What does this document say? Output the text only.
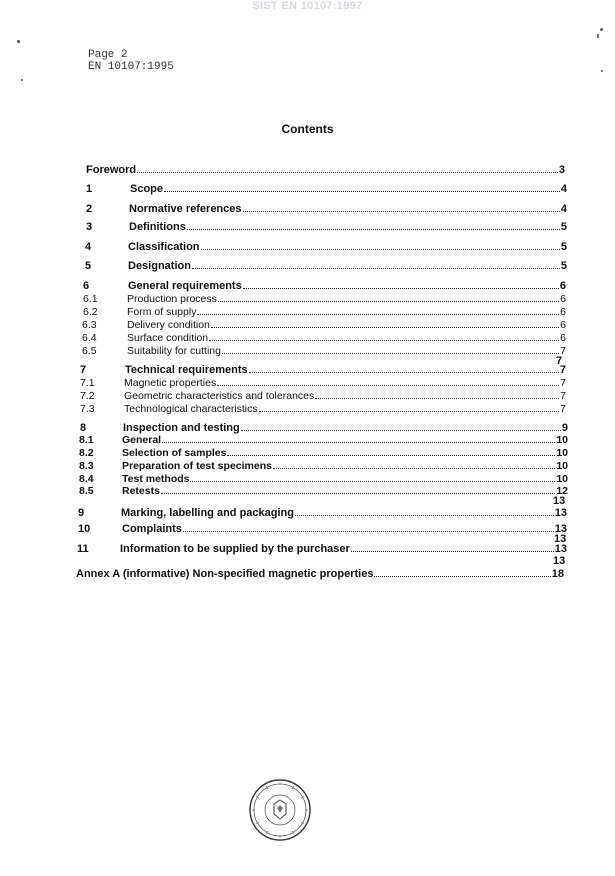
SIST EN 10107:1997
Page 2
EN 10107:1995
Contents
Foreword	3
1	Scope	4
2	Normative references	4
3	Definitions	5
4	Classification	5
5	Designation	5
6	General requirements	6
6.1	Production process	6
6.2	Form of supply	6
6.3	Delivery condition	6
6.4	Surface condition	6
6.5	Suitability for cutting	7
7
7	Technical requirements	7
7.1	Magnetic properties	7
7.2	Geometric characteristics and tolerances	7
7.3	Technological characteristics	7
8	Inspection and testing	9
8.1	General	10
8.2	Selection of samples	10
8.3	Preparation of test specimens	10
8.4	Test methods	10
8.5	Retests	12
13
9	Marking, labelling and packaging	13
10	Complaints	13
13
11	Information to be supplied by the purchaser	13
13
Annex A (informative) Non-specified magnetic properties	18
